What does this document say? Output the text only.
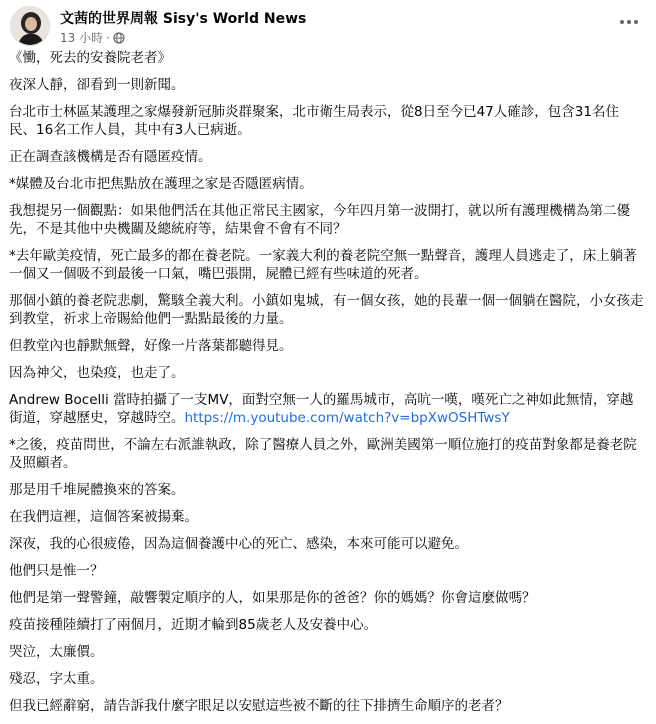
文茜的世界周報 Sisy's World News
13 小時 ·

《慟，死去的安養院老者》

夜深人靜，卻看到一則新聞。

台北市士林區某護理之家爆發新冠肺炎群聚案，北市衛生局表示，從8日至今已47人確診，包含31名住民、16名工作人員，其中有3人已病逝。

正在調查該機構是否有隱匿疫情。

*媒體及台北市把焦點放在護理之家是否隱匿病情。

我想提另一個觀點：如果他們活在其他正常民主國家，今年四月第一波開打，就以所有護理機構為第二優先，不是其他中央機關及總統府等，結果會不會有不同？

*去年歐美疫情，死亡最多的都在養老院。一家義大利的養老院空無一點聲音，護理人員逃走了，床上躺著一個又一個吸不到最後一口氣，嘴巴張開，屍體已經有些味道的死者。

那個小鎮的養老院悲劇，驚駭全義大利。小鎮如鬼城，有一個女孩，她的長輩一個一個躺在醫院，小女孩走到教堂，祈求上帝賜給他們一點點最後的力量。

但教堂內也靜默無聲，好像一片落葉都聽得見。

因為神父，也染疫，也走了。

Andrew Bocelli 當時拍攝了一支MV，面對空無一人的羅馬城市，高吭一嘆，嘆死亡之神如此無情，穿越街道，穿越歷史，穿越時空。https://m.youtube.com/watch?v=bpXwOSHTwsY

*之後，疫苗問世，不論左右派誰執政，除了醫療人員之外，歐洲美國第一順位施打的疫苗對象都是養老院及照顧者。

那是用千堆屍體換來的答案。

在我們這裡，這個答案被揚棄。

深夜，我的心很疲倦，因為這個養護中心的死亡、感染，本來可能可以避免。

他們只是惟一？

他們是第一聲警鐘，敲響製定順序的人，如果那是你的爸爸？你的媽媽？你會這麼做嗎？

疫苗接種陸續打了兩個月，近期才輪到85歲老人及安養中心。

哭泣，太廉價。

殘忍，字太重。

但我已經辭窮，請告訴我什麼字眼足以安慰這些被不斷的往下排擠生命順序的老者？
